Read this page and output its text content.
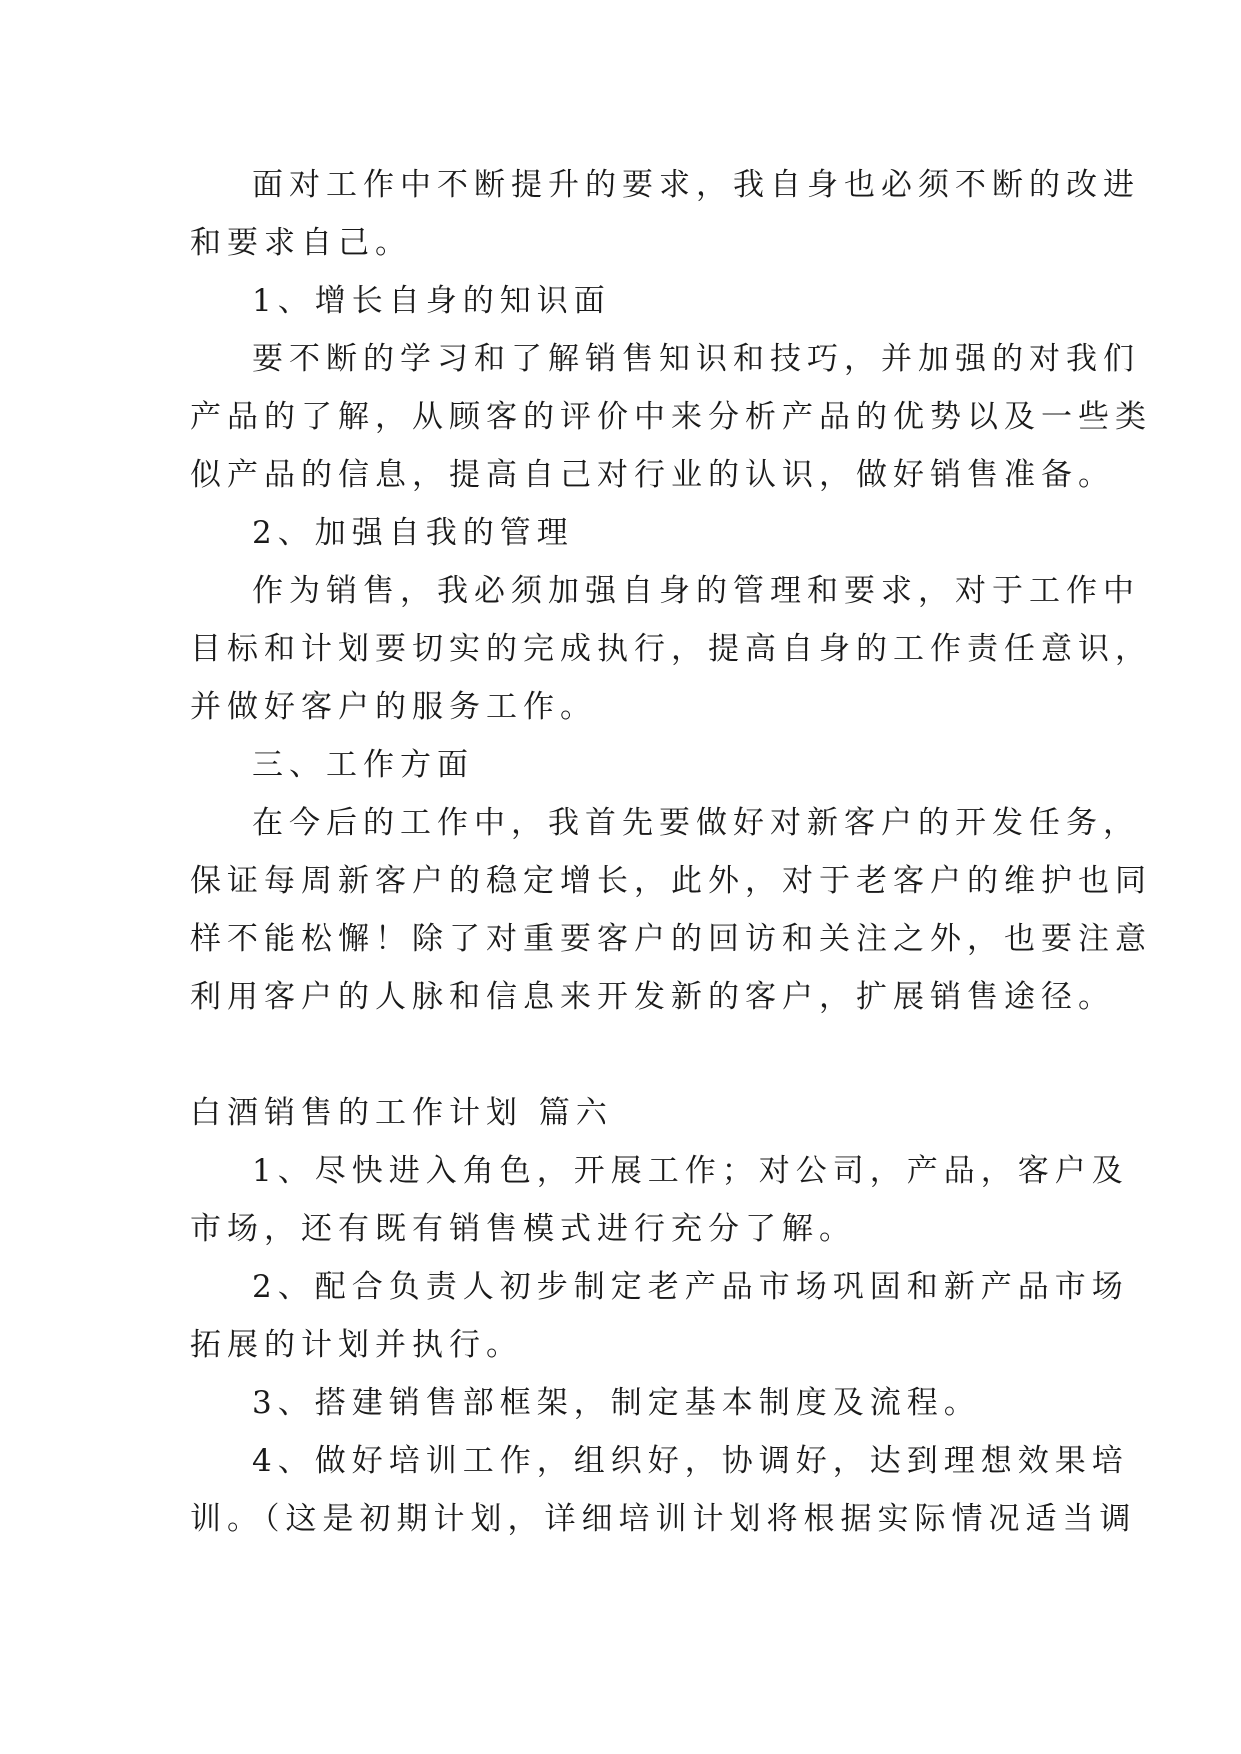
面对工作中不断提升的要求，我自身也必须不断的改进
和要求自己。
1、增长自身的知识面
要不断的学习和了解销售知识和技巧，并加强的对我们
产品的了解，从顾客的评价中来分析产品的优势以及一些类
似产品的信息，提高自己对行业的认识，做好销售准备。
2、加强自我的管理
作为销售，我必须加强自身的管理和要求，对于工作中
目标和计划要切实的完成执行，提高自身的工作责任意识，
并做好客户的服务工作。
三、工作方面
在今后的工作中，我首先要做好对新客户的开发任务，
保证每周新客户的稳定增长，此外，对于老客户的维护也同
样不能松懈！除了对重要客户的回访和关注之外，也要注意
利用客户的人脉和信息来开发新的客户，扩展销售途径。
白酒销售的工作计划 篇六
1、尽快进入角色，开展工作；对公司，产品，客户及
市场，还有既有销售模式进行充分了解。
2、配合负责人初步制定老产品市场巩固和新产品市场
拓展的计划并执行。
3、搭建销售部框架，制定基本制度及流程。
4、做好培训工作，组织好，协调好，达到理想效果培
训。（这是初期计划，详细培训计划将根据实际情况适当调
